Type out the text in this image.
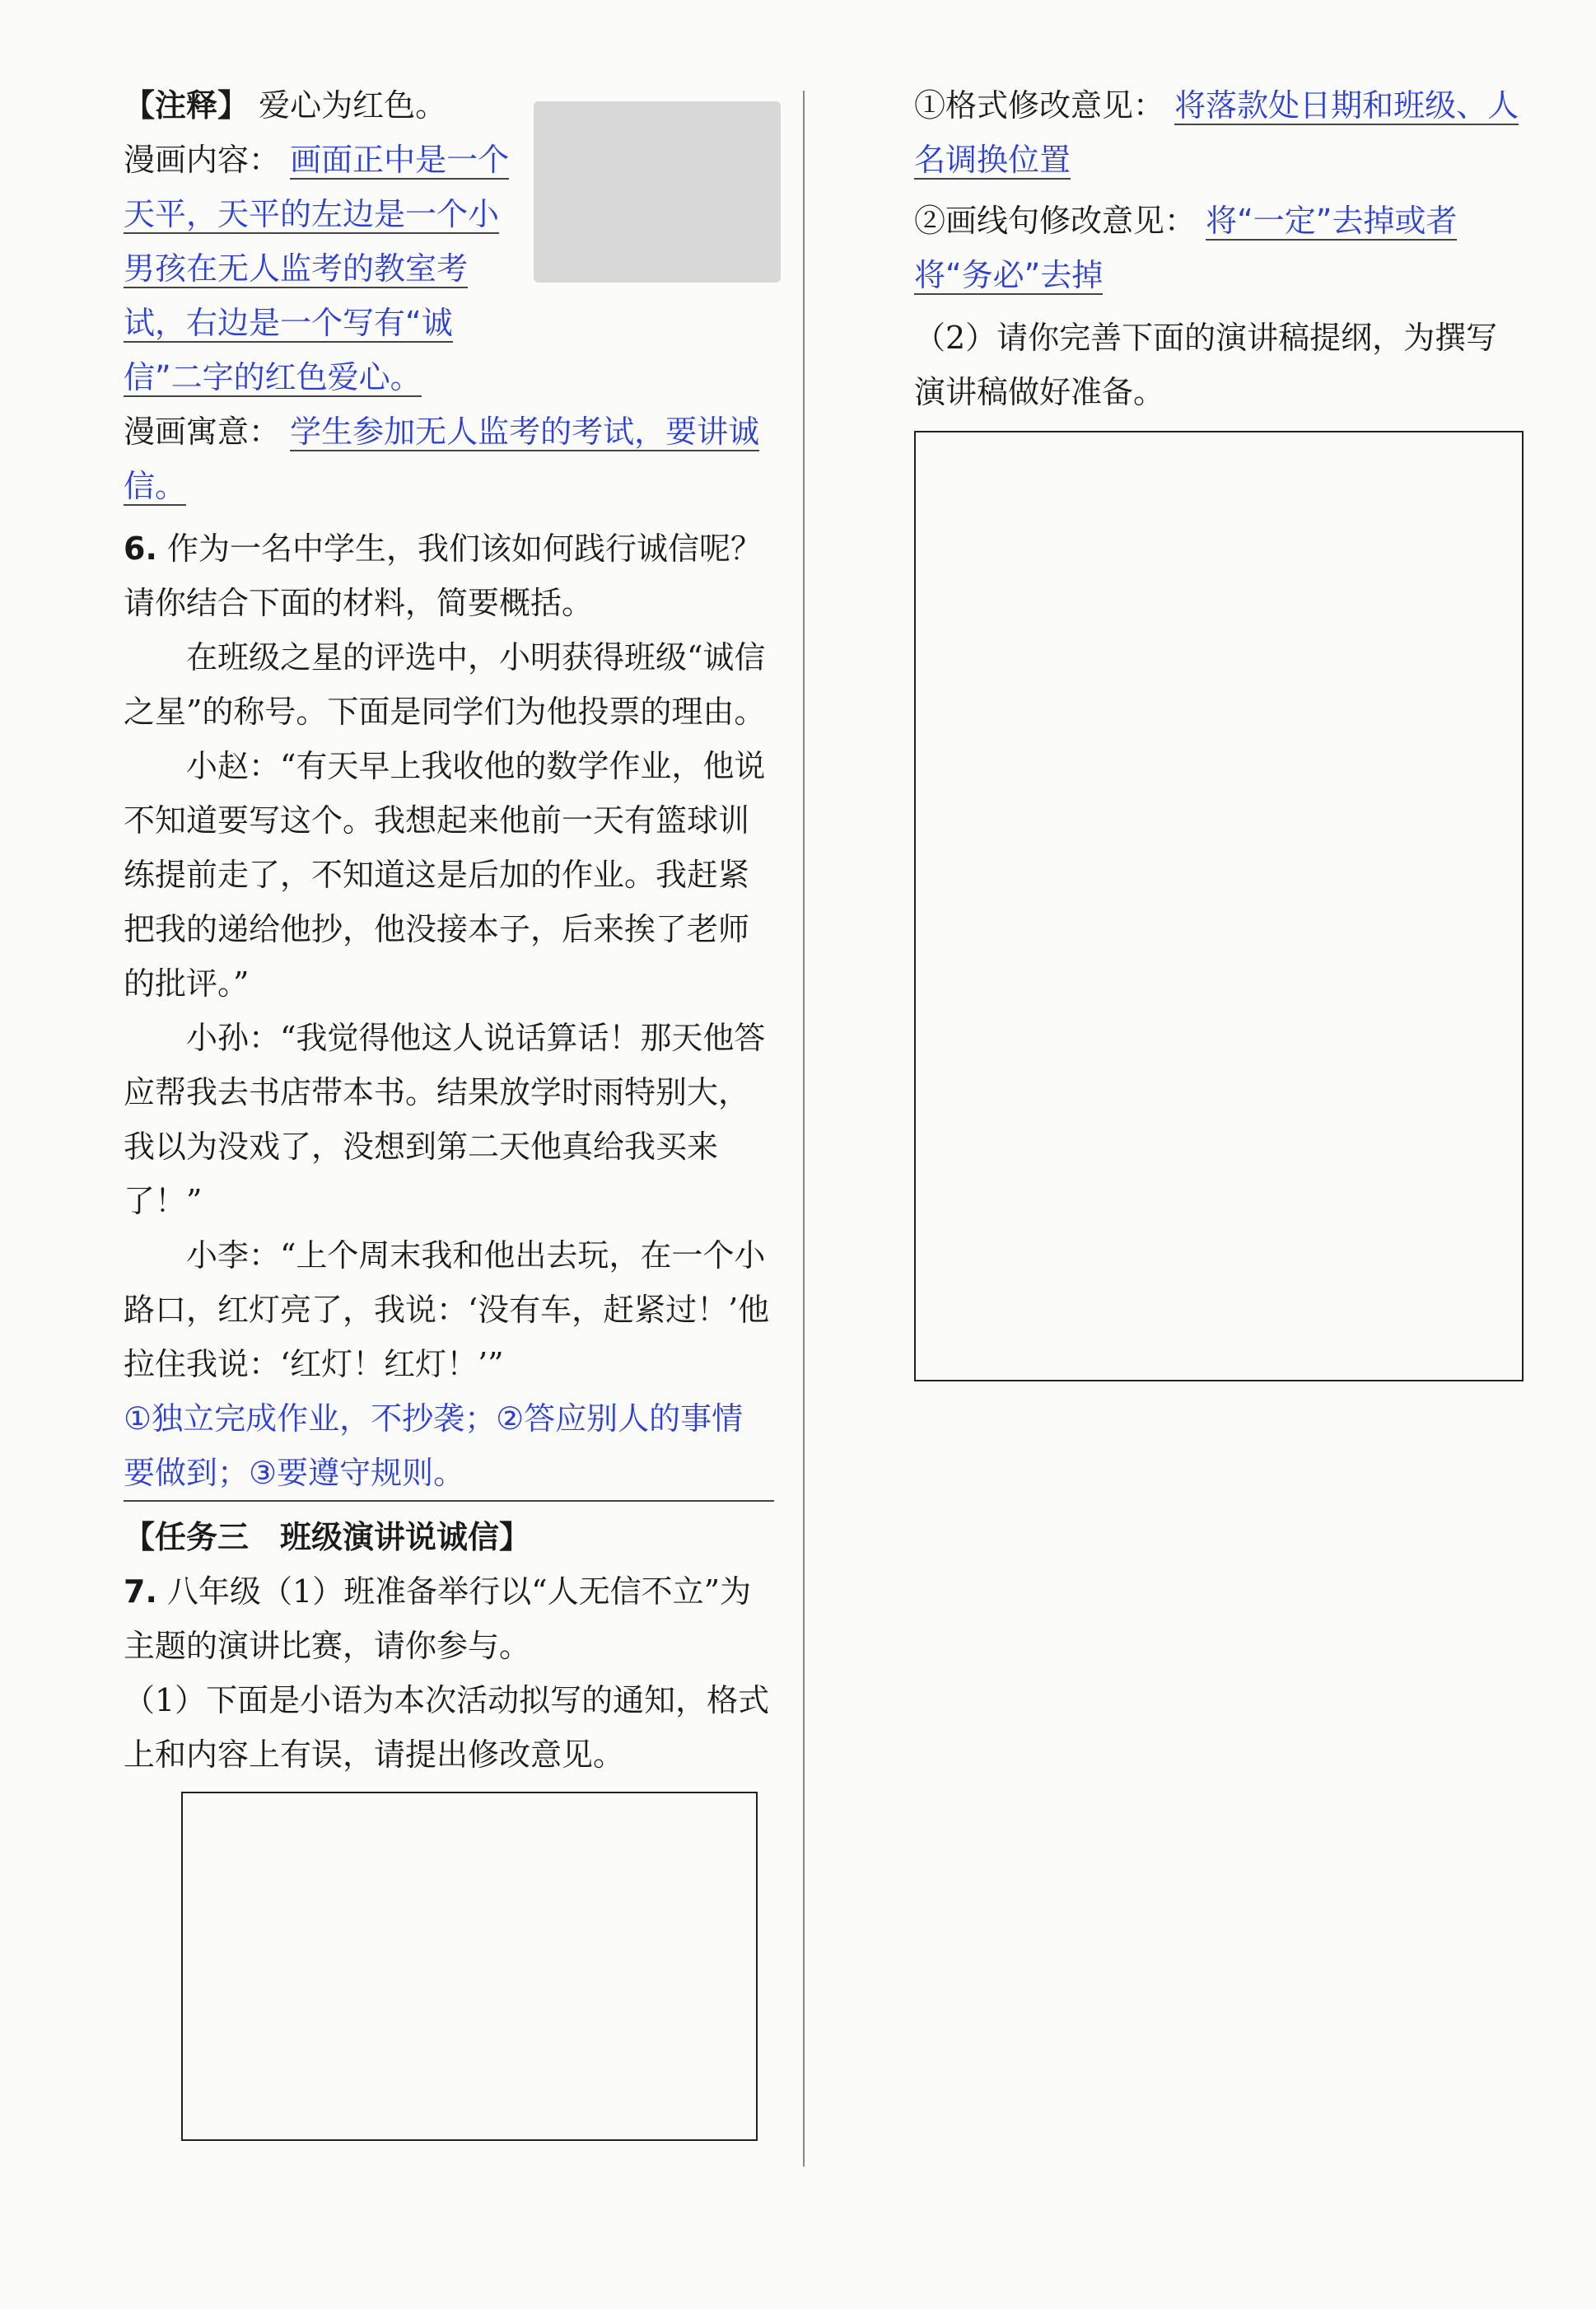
【注释】 爱心为红色。
漫画内容： 画面正中是一个天平，天平的左边是一个小男孩在无人监考的教室考试，右边是一个写有“诚信”二字的红色爱心。
漫画寓意： 学生参加无人监考的考试，要讲诚信。
6. 作为一名中学生，我们该如何践行诚信呢？请你结合下面的材料，简要概括。
在班级之星的评选中，小明获得班级“诚信之星”的称号。下面是同学们为他投票的理由。
小赵：“有天早上我收他的数学作业，他说不知道要写这个。我想起来他前一天有篮球训练提前走了，不知道这是后加的作业。我赶紧把我的递给他抄，他没接本子，后来挨了老师的批评。”
小孙：“我觉得他这人说话算话！那天他答应帮我去书店带本书。结果放学时雨特别大，我以为没戏了，没想到第二天他真给我买来了！”
小李：“上个周末我和他出去玩，在一个小路口，红灯亮了，我说：‘没有车，赶紧过！’他拉住我说：‘红灯！红灯！’”
①独立完成作业，不抄袭；②答应别人的事情要做到；③要遵守规则。
【任务三　班级演讲说诚信】
7. 八年级（1）班准备举行以“人无信不立”为主题的演讲比赛，请你参与。
（1）下面是小语为本次活动拟写的通知，格式上和内容上有误，请提出修改意见。
①格式修改意见： 将落款处日期和班级、人名调换位置
②画线句修改意见： 将“一定”去掉或者将“务必”去掉
（2）请你完善下面的演讲稿提纲，为撰写演讲稿做好准备。
